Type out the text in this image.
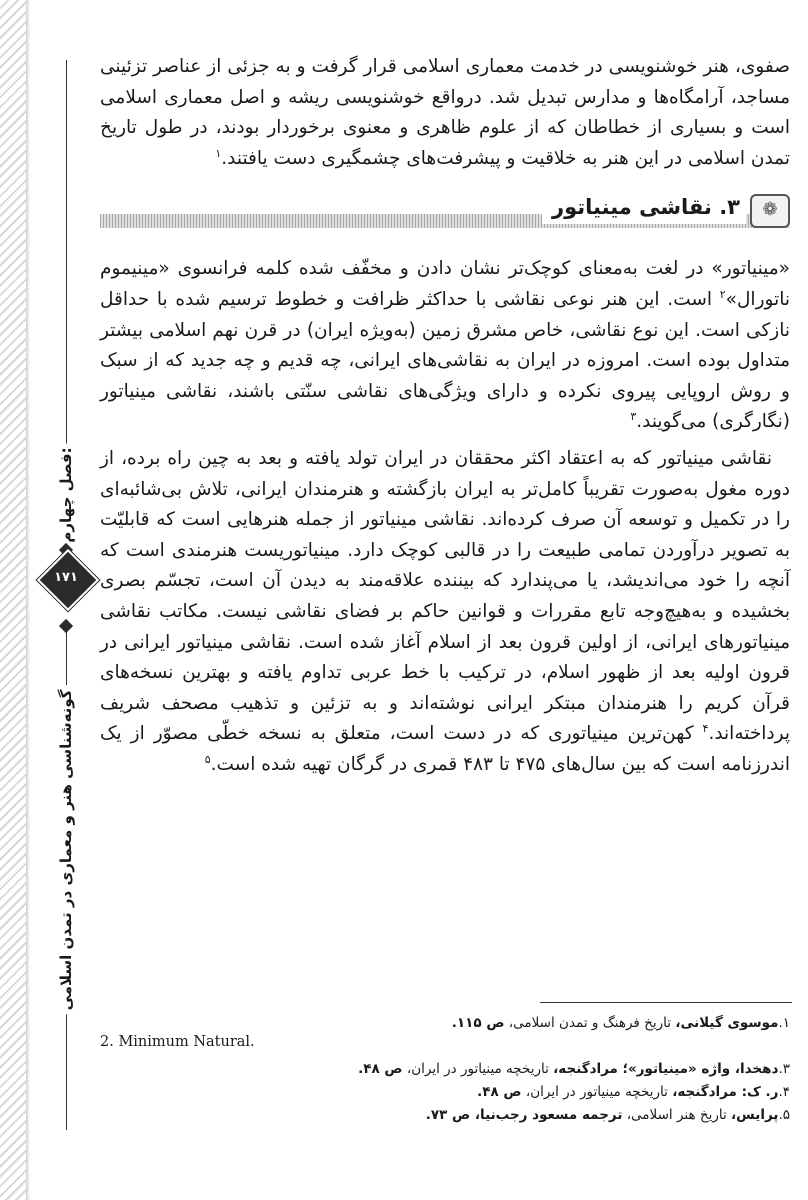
فصل چهارم:
گونه‌شناسی هنر و معماری در تمدن اسلامی
۱۷۱

صفوی، هنر خوشنویسی در خدمت معماری اسلامی قرار گرفت و به جزئی از عناصر تزئینی مساجد، آرامگاه‌ها و مدارس تبدیل شد. درواقع خوشنویسی ریشه و اصل معماری اسلامی است و بسیاری از خطاطان که از علوم ظاهری و معنوی برخوردار بودند، در طول تاریخ تمدن اسلامی در این هنر به خلاقیت و پیشرفت‌های چشمگیری دست یافتند.$^۱$

❁
۳. نقاشی مینیاتور

«مینیاتور» در لغت به‌معنای کوچک‌تر نشان دادن و مخفّف شده کلمه فرانسوی «مینیموم ناتورال»$^۲$ است. این هنر نوعی نقاشی با حداکثر ظرافت و خطوط ترسیم شده با حداقل نازکی است. این نوع نقاشی، خاص مشرق زمین (به‌ویژه ایران) در قرن نهم اسلامی بیشتر متداول بوده است. امروزه در ایران به نقاشی‌های ایرانی، چه قدیم و چه جدید که از سبک و روش اروپایی پیروی نکرده و دارای ویژگی‌های نقاشی سنّتی باشند، نقاشی مینیاتور (نگارگری) می‌گویند.$^۳$

نقاشی مینیاتور که به اعتقاد اکثر محققان در ایران تولد یافته و بعد به چین راه برده، از دوره مغول به‌صورت تقریباً کامل‌تر به ایران بازگشته و هنرمندان ایرانی، تلاش بی‌شائبه‌ای را در تکمیل و توسعه آن صرف کرده‌اند. نقاشی مینیاتور از جمله هنرهایی است که قابلیّت به تصویر درآوردن تمامی طبیعت را در قالبی کوچک دارد. مینیاتوریست هنرمندی است که آنچه را خود می‌اندیشد، یا می‌پندارد که بیننده علاقه‌مند به دیدن آن است، تجسّم بصری بخشیده و به‌هیچ‌وجه تابع مقررات و قوانین حاکم بر فضای نقاشی نیست. مکاتب نقاشی مینیاتورهای ایرانی، از اولین قرون بعد از اسلام آغاز شده است. نقاشی مینیاتور ایرانی در قرون اولیه بعد از ظهور اسلام، در ترکیب با خط عربی تداوم یافته و بهترین نسخه‌های قرآن کریم را هنرمندان مبتکر ایرانی نوشته‌اند و به تزئین و تذهیب مصحف شریف پرداخته‌اند.$^۴$ کهن‌ترین مینیاتوری که در دست است، متعلق به نسخه خطّی مصوّر از یک اندرزنامه است که بین سال‌های ۴۷۵ تا ۴۸۳ قمری در گرگان تهیه شده است.$^۵$

۱.موسوی گیلانی، تاریخ فرهنگ و تمدن اسلامی، ص ۱۱۵.
2. Minimum Natural.
۳.دهخدا، واژه «مینیاتور»؛ مرادگنجه، تاریخچه مینیاتور در ایران، ص ۴۸.
۴.ر. ک: مرادگنجه، تاریخچه مینیاتور در ایران، ص ۴۸.
۵.پرایس، تاریخ هنر اسلامی، ترجمه مسعود رجب‌نیا، ص ۷۳.
